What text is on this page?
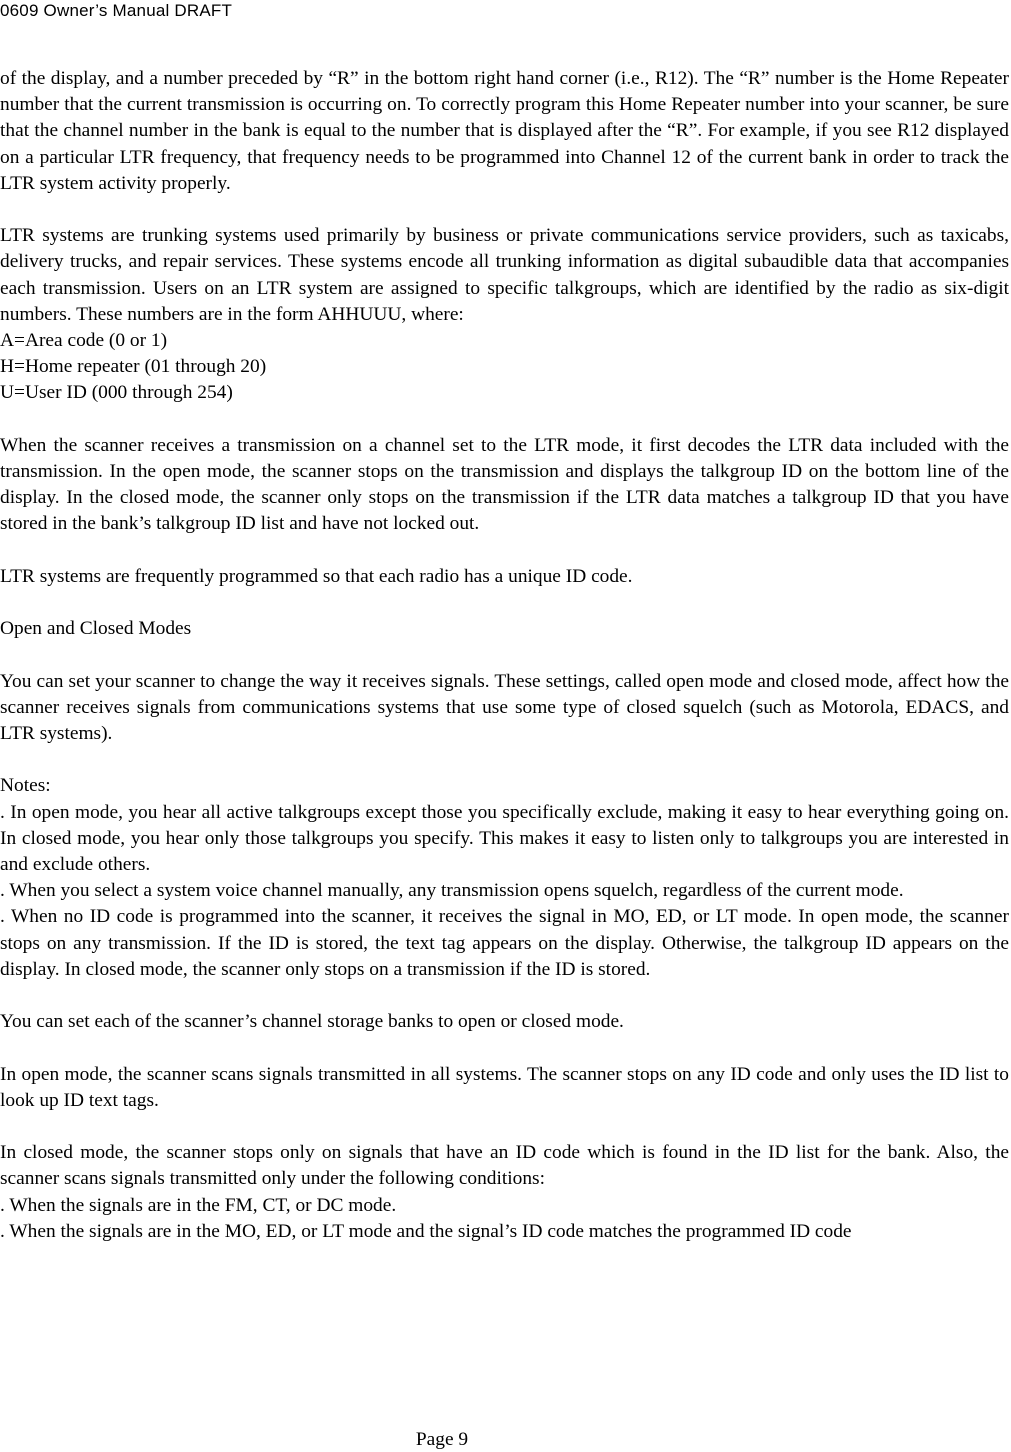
0609 Owner’s Manual DRAFT

of the display, and a number preceded by “R” in the bottom right hand corner (i.e., R12). The “R” number is the Home Repeater number that the current transmission is occurring on. To correctly program this Home Repeater number into your scanner, be sure that the channel number in the bank is equal to the number that is displayed after the “R”. For example, if you see R12 displayed on a particular LTR frequency, that frequency needs to be programmed into Channel 12 of the current bank in order to track the LTR system activity properly.

LTR systems are trunking systems used primarily by business or private communications service providers, such as taxicabs, delivery trucks, and repair services. These systems encode all trunking information as digital subaudible data that accompanies each transmission. Users on an LTR system are assigned to specific talkgroups, which are identified by the radio as six-digit numbers. These numbers are in the form AHHUUU, where:
A=Area code (0 or 1)
H=Home repeater (01 through 20)
U=User ID (000 through 254)

When the scanner receives a transmission on a channel set to the LTR mode, it first decodes the LTR data included with the transmission. In the open mode, the scanner stops on the transmission and displays the talkgroup ID on the bottom line of the display. In the closed mode, the scanner only stops on the transmission if the LTR data matches a talkgroup ID that you have stored in the bank’s talkgroup ID list and have not locked out.

LTR systems are frequently programmed so that each radio has a unique ID code.

Open and Closed Modes

You can set your scanner to change the way it receives signals. These settings, called open mode and closed mode, affect how the scanner receives signals from communications systems that use some type of closed squelch (such as Motorola, EDACS, and LTR systems).

Notes:
. In open mode, you hear all active talkgroups except those you specifically exclude, making it easy to hear everything going on. In closed mode, you hear only those talkgroups you specify. This makes it easy to listen only to talkgroups you are interested in and exclude others.
. When you select a system voice channel manually, any transmission opens squelch, regardless of the current mode.
. When no ID code is programmed into the scanner, it receives the signal in MO, ED, or LT mode. In open mode, the scanner stops on any transmission. If the ID is stored, the text tag appears on the display. Otherwise, the talkgroup ID appears on the display. In closed mode, the scanner only stops on a transmission if the ID is stored.

You can set each of the scanner’s channel storage banks to open or closed mode.

In open mode, the scanner scans signals transmitted in all systems. The scanner stops on any ID code and only uses the ID list to look up ID text tags.

In closed mode, the scanner stops only on signals that have an ID code which is found in the ID list for the bank. Also, the scanner scans signals transmitted only under the following conditions:
. When the signals are in the FM, CT, or DC mode.
. When the signals are in the MO, ED, or LT mode and the signal’s ID code matches the programmed ID code

Page 9
